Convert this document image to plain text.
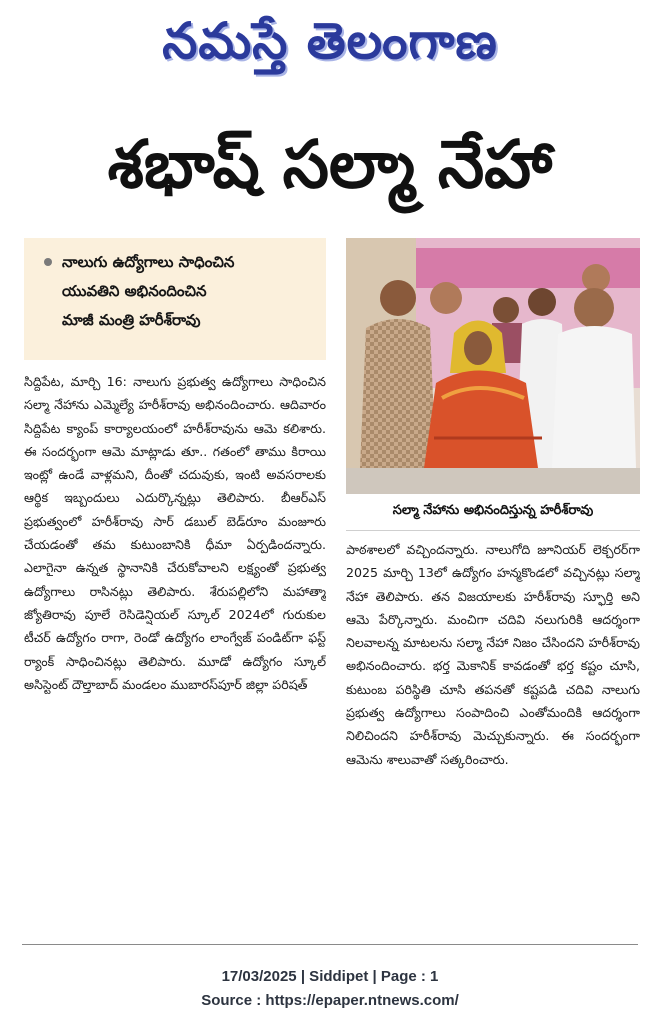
నమస్తే తెలంగాణ
శభాష్ సల్మా నేహా
నాలుగు ఉద్యోగాలు సాధించిన
యువతిని అభినందించిన
మాజీ మంత్రి హరీశ్‌రావు
సల్మా నేహాను అభినందిస్తున్న హరీశ్‌రావు
సిద్దిపేట, మార్చి 16: నాలుగు ప్రభుత్వ ఉద్యోగాలు సాధించిన సల్మా నేహాను ఎమ్మెల్యే హరీశ్‌రావు అభినందించారు. ఆదివారం సిద్దిపేట క్యాంప్ కార్యాలయంలో హరీశ్‌రావును ఆమె కలిశారు. ఈ సందర్భంగా ఆమె మాట్లాడు తూ.. గతంలో తాము కిరాయి ఇంట్లో ఉండే వాళ్లమని, దీంతో చదువుకు, ఇంటి అవసరాలకు ఆర్థిక ఇబ్బందులు ఎదుర్కొన్నట్లు తెలిపారు. బీఆర్‌ఎస్ ప్రభుత్వంలో హరీశ్‌రావు సార్ డబుల్ బెడ్‌రూం మంజూరు చేయడంతో తమ కుటుంబానికి ధీమా ఏర్పడిందన్నారు. ఎలాగైనా ఉన్నత స్థానానికి చేరుకోవాలని లక్ష్యంతో ప్రభుత్వ ఉద్యోగాలు రాసినట్లు తెలిపారు. శేరుపల్లిలోని మహాత్మా జ్యోతిరావు పూలే రెసిడెన్షియల్ స్కూల్ 2024లో గురుకుల టీచర్ ఉద్యోగం రాగా, రెండో ఉద్యోగం లాంగ్వేజ్ పండిట్‌గా ఫస్ట్ ర్యాంక్ సాధించినట్లు తెలిపారు. మూడో ఉద్యోగం స్కూల్ అసిస్టెంట్ దౌల్తాబాద్ మండలం ముబారస్‌పూర్ జిల్లా పరిషత్
పాఠశాలలో వచ్చిందన్నారు. నాలుగోది జూనియర్ లెక్చరర్‌గా 2025 మార్చి 13లో ఉద్యోగం హన్మకొండలో వచ్చినట్లు సల్మా నేహా తెలిపారు. తన విజయాలకు హరీశ్‌రావు స్ఫూర్తి అని ఆమె పేర్కొన్నారు. మంచిగా చదివి నలుగురికి ఆదర్శంగా నిలవాలన్న మాటలను సల్మా నేహా నిజం చేసిందని హరీశ్‌రావు అభినందించారు. భర్త మెకానిక్ కావడంతో భర్త కష్టం చూసి, కుటుంబ పరిస్థితి చూసి తపనతో కష్టపడి చదివి నాలుగు ప్రభుత్వ ఉద్యోగాలు సంపాదించి ఎంతోమందికి ఆదర్శంగా నిలిచిందని హరీశ్‌రావు మెచ్చుకున్నారు. ఈ సందర్భంగా ఆమెను శాలువాతో సత్కరించారు.
17/03/2025 | Siddipet | Page : 1
Source : https://epaper.ntnews.com/
